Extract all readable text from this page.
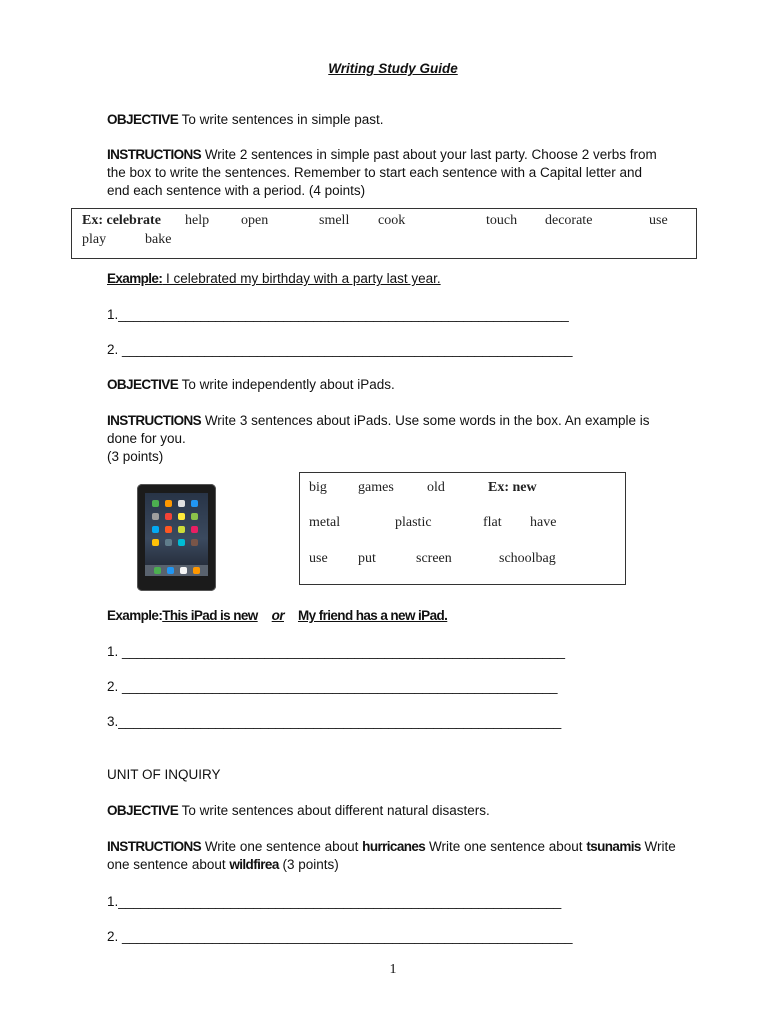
Writing Study Guide
OBJECTIVE To write sentences in simple past.
INSTRUCTIONS Write 2 sentences in simple past about your last party. Choose 2 verbs from
the box to write the sentences. Remember to start each sentence with a Capital letter and
end each sentence with a period. (4 points)
Ex: celebrate help open	smell cook	touch decorate	use
play	bake
Example: I celebrated my birthday with a party last year.
1.____________________________________________________________
2. ____________________________________________________________
OBJECTIVE To write independently about iPads.
INSTRUCTIONS Write 3 sentences about iPads. Use some words in the box. An example is
done for you.
(3 points)
big games old	Ex: new
metal	plastic	flat have
use put	screen	schoolbag
Example:This iPad is new or My friend has a new iPad.
1. ___________________________________________________________
2. __________________________________________________________
3.___________________________________________________________
UNIT OF INQUIRY
OBJECTIVE To write sentences about different natural disasters.
INSTRUCTIONS Write one sentence about hurricanes Write one sentence about tsunamis Write
one sentence about wildfirea (3 points)
1.___________________________________________________________
2. ____________________________________________________________
1
